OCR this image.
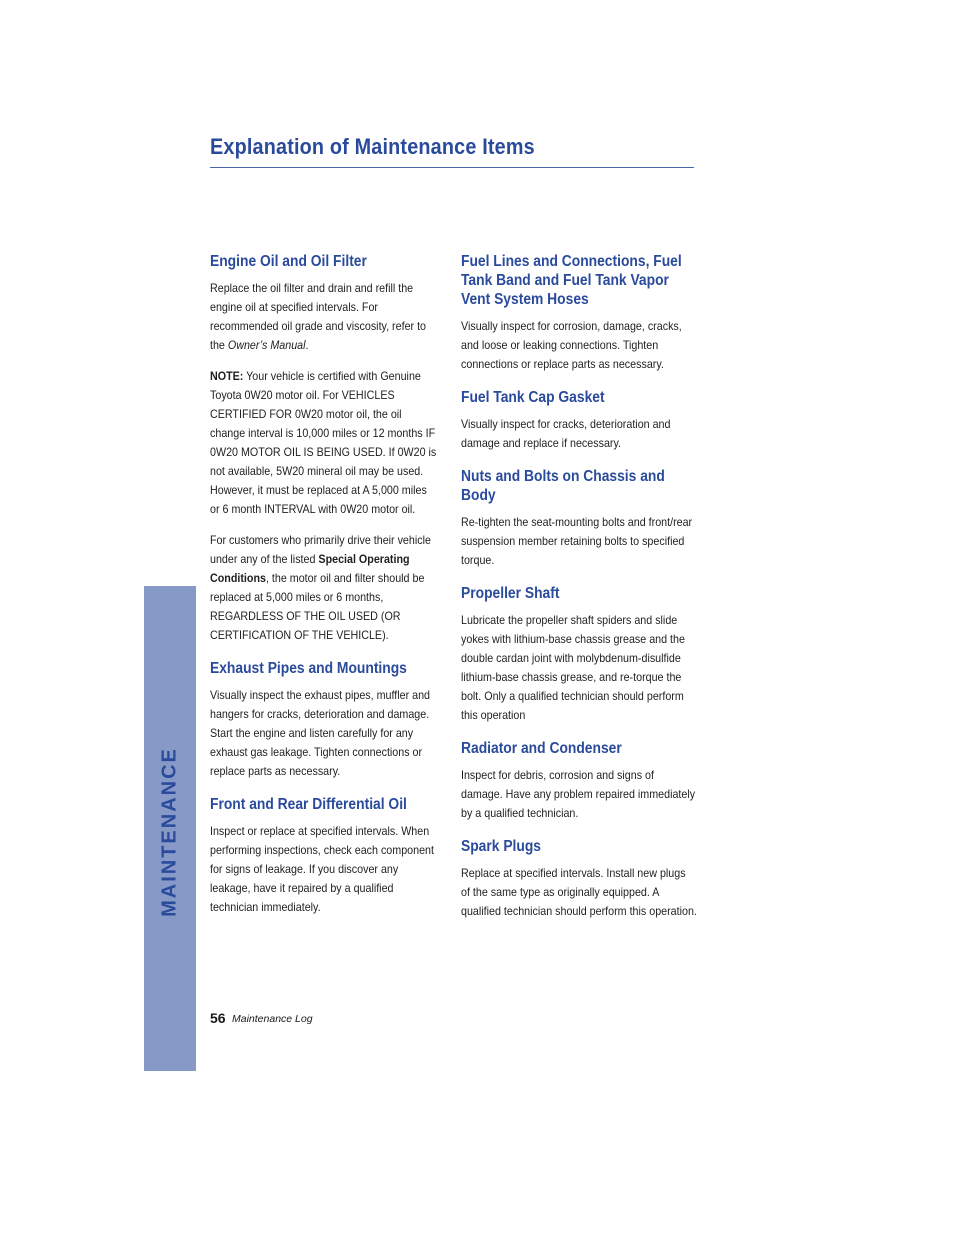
Explanation of Maintenance Items
MAINTENANCE
Engine Oil and Oil Filter

Replace the oil filter and drain and refill the engine oil at specified intervals. For recommended oil grade and viscosity, refer to the Owner’s Manual.

NOTE: Your vehicle is certified with Genuine Toyota 0W20 motor oil. For VEHICLES CERTIFIED FOR 0W20 motor oil, the oil change interval is 10,000 miles or 12 months IF 0W20 MOTOR OIL IS BEING USED. If 0W20 is not available, 5W20 mineral oil may be used. However, it must be replaced at A 5,000 miles or 6 month INTERVAL with 0W20 motor oil.

For customers who primarily drive their vehicle under any of the listed Special Operating Conditions, the motor oil and filter should be replaced at 5,000 miles or 6 months, REGARDLESS OF THE OIL USED (OR CERTIFICATION OF THE VEHICLE).

Exhaust Pipes and Mountings

Visually inspect the exhaust pipes, muffler and hangers for cracks, deterioration and damage. Start the engine and listen carefully for any exhaust gas leakage. Tighten connections or replace parts as necessary.

Front and Rear Differential Oil

Inspect or replace at specified intervals. When performing inspections, check each component for signs of leakage. If you discover any leakage, have it repaired by a qualified technician immediately.

Fuel Lines and Connections, Fuel Tank Band and Fuel Tank Vapor Vent System Hoses

Visually inspect for corrosion, damage, cracks, and loose or leaking connections. Tighten connections or replace parts as necessary.

Fuel Tank Cap Gasket

Visually inspect for cracks, deterioration and damage and replace if necessary.

Nuts and Bolts on Chassis and Body

Re-tighten the seat-mounting bolts and front/rear suspension member retaining bolts to specified torque.

Propeller Shaft

Lubricate the propeller shaft spiders and slide yokes with lithium-base chassis grease and the double cardan joint with molybdenum-disulfide lithium-base chassis grease, and re-torque the bolt. Only a qualified technician should perform this operation

Radiator and Condenser

Inspect for debris, corrosion and signs of damage. Have any problem repaired immediately by a qualified technician.

Spark Plugs

Replace at specified intervals. Install new plugs of the same type as originally equipped. A qualified technician should perform this operation.

56 Maintenance Log
